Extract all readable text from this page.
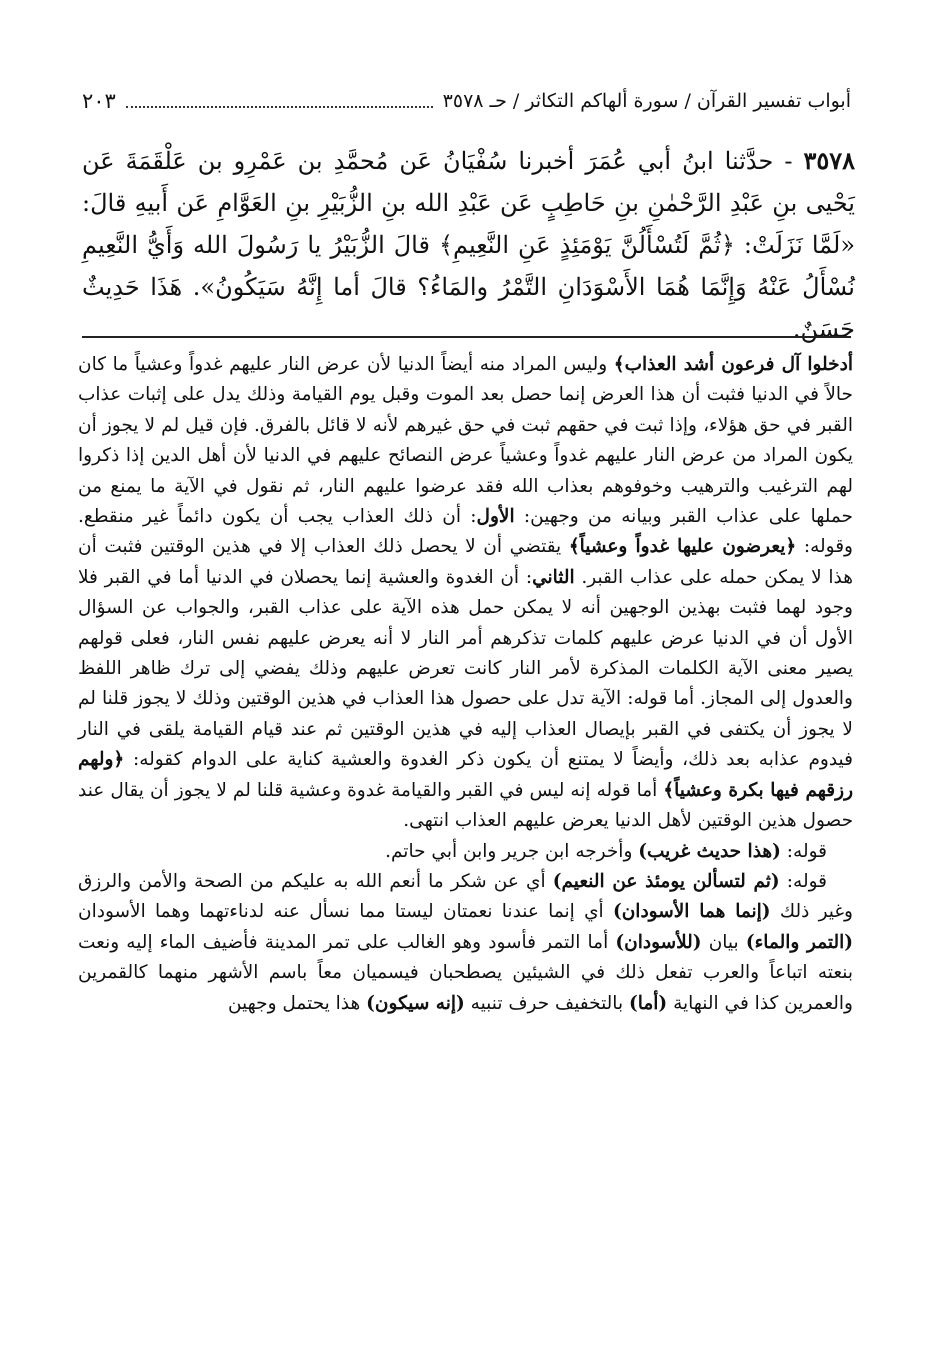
٢٠٣	أبواب تفسير القرآن / سورة ألهاكم التكاثر / حـ ٣٥٧٨
٣٥٧٨ - حدَّثنا ابنُ أبي عُمَرَ أخبرنا سُفْيَانُ عَن مُحمَّدِ بن عَمْرِو بن عَلْقَمَةَ عَن يَحْيى بنِ عَبْدِ الرَّحْمٰنِ بنِ حَاطِبٍ عَن عَبْدِ الله بنِ الزُّبَيْرِ بنِ العَوَّامِ عَن أَبيهِ قالَ: «لَمَّا نَزَلَتْ: ﴿ثُمَّ لَتُسْأَلُنَّ يَوْمَئِذٍ عَنِ النَّعِيمِ﴾ قالَ الزُّبَيْرُ يا رَسُولَ الله وَأَيُّ النَّعِيمِ نُسْأَلُ عَنْهُ وَإِنَّمَا هُمَا الأَسْوَدَانِ التَّمْرُ والمَاءُ؟ قالَ أما إِنَّهُ سَيَكُونُ». هَذَا حَدِيثٌ حَسَنٌ.

أدخلوا آل فرعون أشد العذاب﴾ وليس المراد منه أيضاً الدنيا لأن عرض النار عليهم غدواً وعشياً ما كان حالاً في الدنيا فثبت أن هذا العرض إنما حصل بعد الموت وقبل يوم القيامة وذلك يدل على إثبات عذاب القبر في حق هؤلاء، وإذا ثبت في حقهم ثبت في حق غيرهم لأنه لا قائل بالفرق. فإن قيل لم لا يجوز أن يكون المراد من عرض النار عليهم غدواً وعشياً عرض النصائح عليهم في الدنيا لأن أهل الدين إذا ذكروا لهم الترغيب والترهيب وخوفوهم بعذاب الله فقد عرضوا عليهم النار، ثم نقول في الآية ما يمنع من حملها على عذاب القبر وبيانه من وجهين: الأول: أن ذلك العذاب يجب أن يكون دائماً غير منقطع. وقوله: ﴿يعرضون عليها غدواً وعشياً﴾ يقتضي أن لا يحصل ذلك العذاب إلا في هذين الوقتين فثبت أن هذا لا يمكن حمله على عذاب القبر. الثاني: أن الغدوة والعشية إنما يحصلان في الدنيا أما في القبر فلا وجود لهما فثبت بهذين الوجهين أنه لا يمكن حمل هذه الآية على عذاب القبر، والجواب عن السؤال الأول أن في الدنيا عرض عليهم كلمات تذكرهم أمر النار لا أنه يعرض عليهم نفس النار، فعلى قولهم يصير معنى الآية الكلمات المذكرة لأمر النار كانت تعرض عليهم وذلك يفضي إلى ترك ظاهر اللفظ والعدول إلى المجاز. أما قوله: الآية تدل على حصول هذا العذاب في هذين الوقتين وذلك لا يجوز قلنا لم لا يجوز أن يكتفى في القبر بإيصال العذاب إليه في هذين الوقتين ثم عند قيام القيامة يلقى في النار فيدوم عذابه بعد ذلك، وأيضاً لا يمتنع أن يكون ذكر الغدوة والعشية كناية على الدوام كقوله: ﴿ولهم رزقهم فيها بكرة وعشياً﴾ أما قوله إنه ليس في القبر والقيامة غدوة وعشية قلنا لم لا يجوز أن يقال عند حصول هذين الوقتين لأهل الدنيا يعرض عليهم العذاب انتهى.

قوله: (هذا حديث غريب) وأخرجه ابن جرير وابن أبي حاتم.

قوله: (ثم لتسألن يومئذ عن النعيم) أي عن شكر ما أنعم الله به عليكم من الصحة والأمن والرزق وغير ذلك (إنما هما الأسودان) أي إنما عندنا نعمتان ليستا مما نسأل عنه لدناءتهما وهما الأسودان (التمر والماء) بيان (للأسودان) أما التمر فأسود وهو الغالب على تمر المدينة فأضيف الماء إليه ونعت بنعته اتباعاً والعرب تفعل ذلك في الشيئين يصطحبان فيسميان معاً باسم الأشهر منهما كالقمرين والعمرين كذا في النهاية (أما) بالتخفيف حرف تنبيه (إنه سيكون) هذا يحتمل وجهين
